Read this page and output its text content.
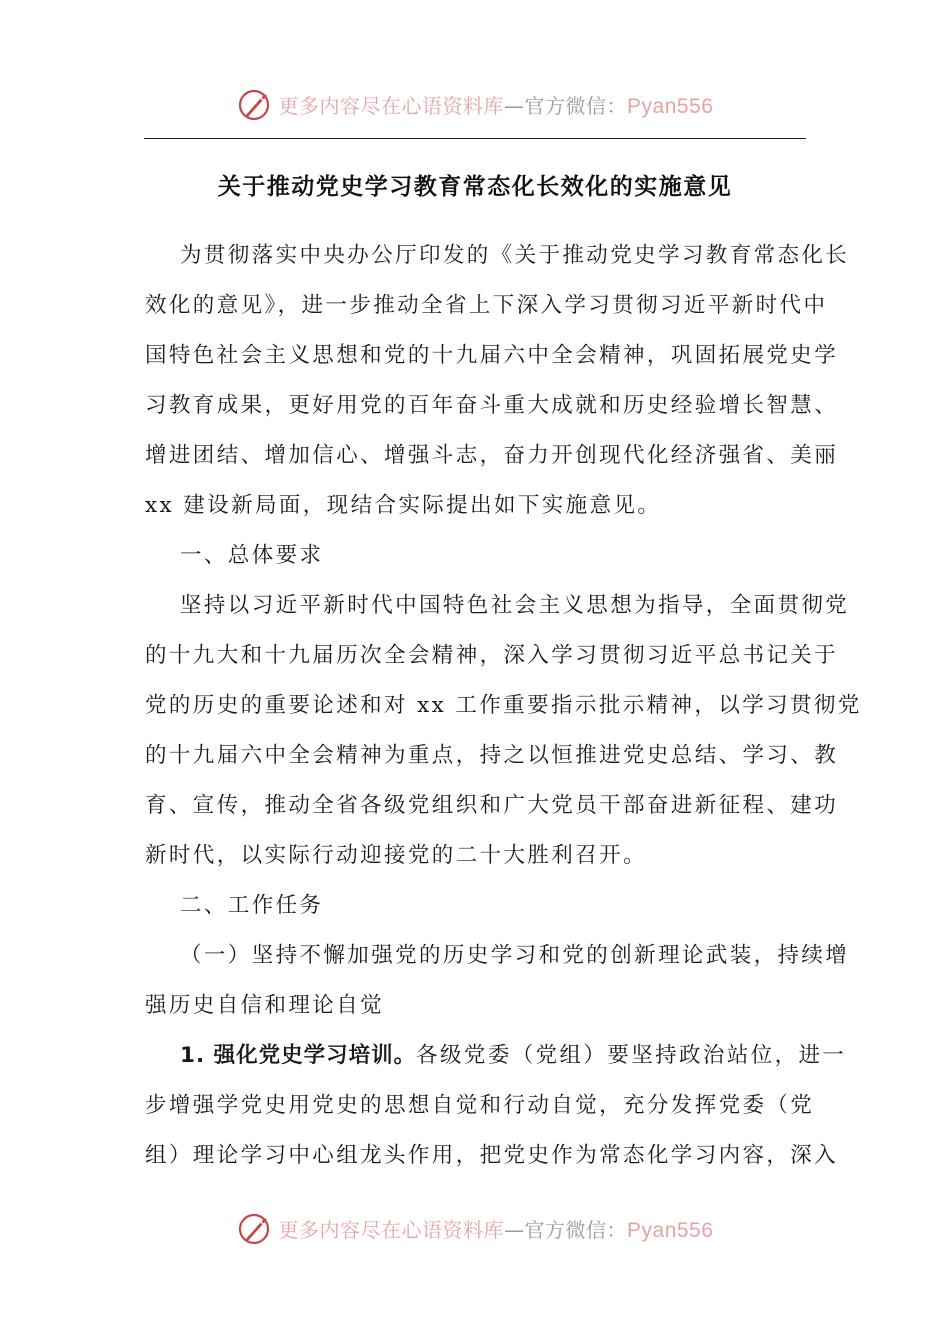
更多内容尽在心语资料库—官方微信：Pyan556
关于推动党史学习教育常态化长效化的实施意见
为贯彻落实中央办公厅印发的《关于推动党史学习教育常态化长
效化的意见》，进一步推动全省上下深入学习贯彻习近平新时代中
国特色社会主义思想和党的十九届六中全会精神，巩固拓展党史学
习教育成果，更好用党的百年奋斗重大成就和历史经验增长智慧、
增进团结、增加信心、增强斗志，奋力开创现代化经济强省、美丽
xx 建设新局面，现结合实际提出如下实施意见。
一、总体要求
坚持以习近平新时代中国特色社会主义思想为指导，全面贯彻党
的十九大和十九届历次全会精神，深入学习贯彻习近平总书记关于
党的历史的重要论述和对 xx 工作重要指示批示精神，以学习贯彻党
的十九届六中全会精神为重点，持之以恒推进党史总结、学习、教
育、宣传，推动全省各级党组织和广大党员干部奋进新征程、建功
新时代，以实际行动迎接党的二十大胜利召开。
二、工作任务
（一）坚持不懈加强党的历史学习和党的创新理论武装，持续增
强历史自信和理论自觉
1. 强化党史学习培训。各级党委（党组）要坚持政治站位，进一
步增强学党史用党史的思想自觉和行动自觉，充分发挥党委（党
组）理论学习中心组龙头作用，把党史作为常态化学习内容，深入
更多内容尽在心语资料库—官方微信：Pyan556
